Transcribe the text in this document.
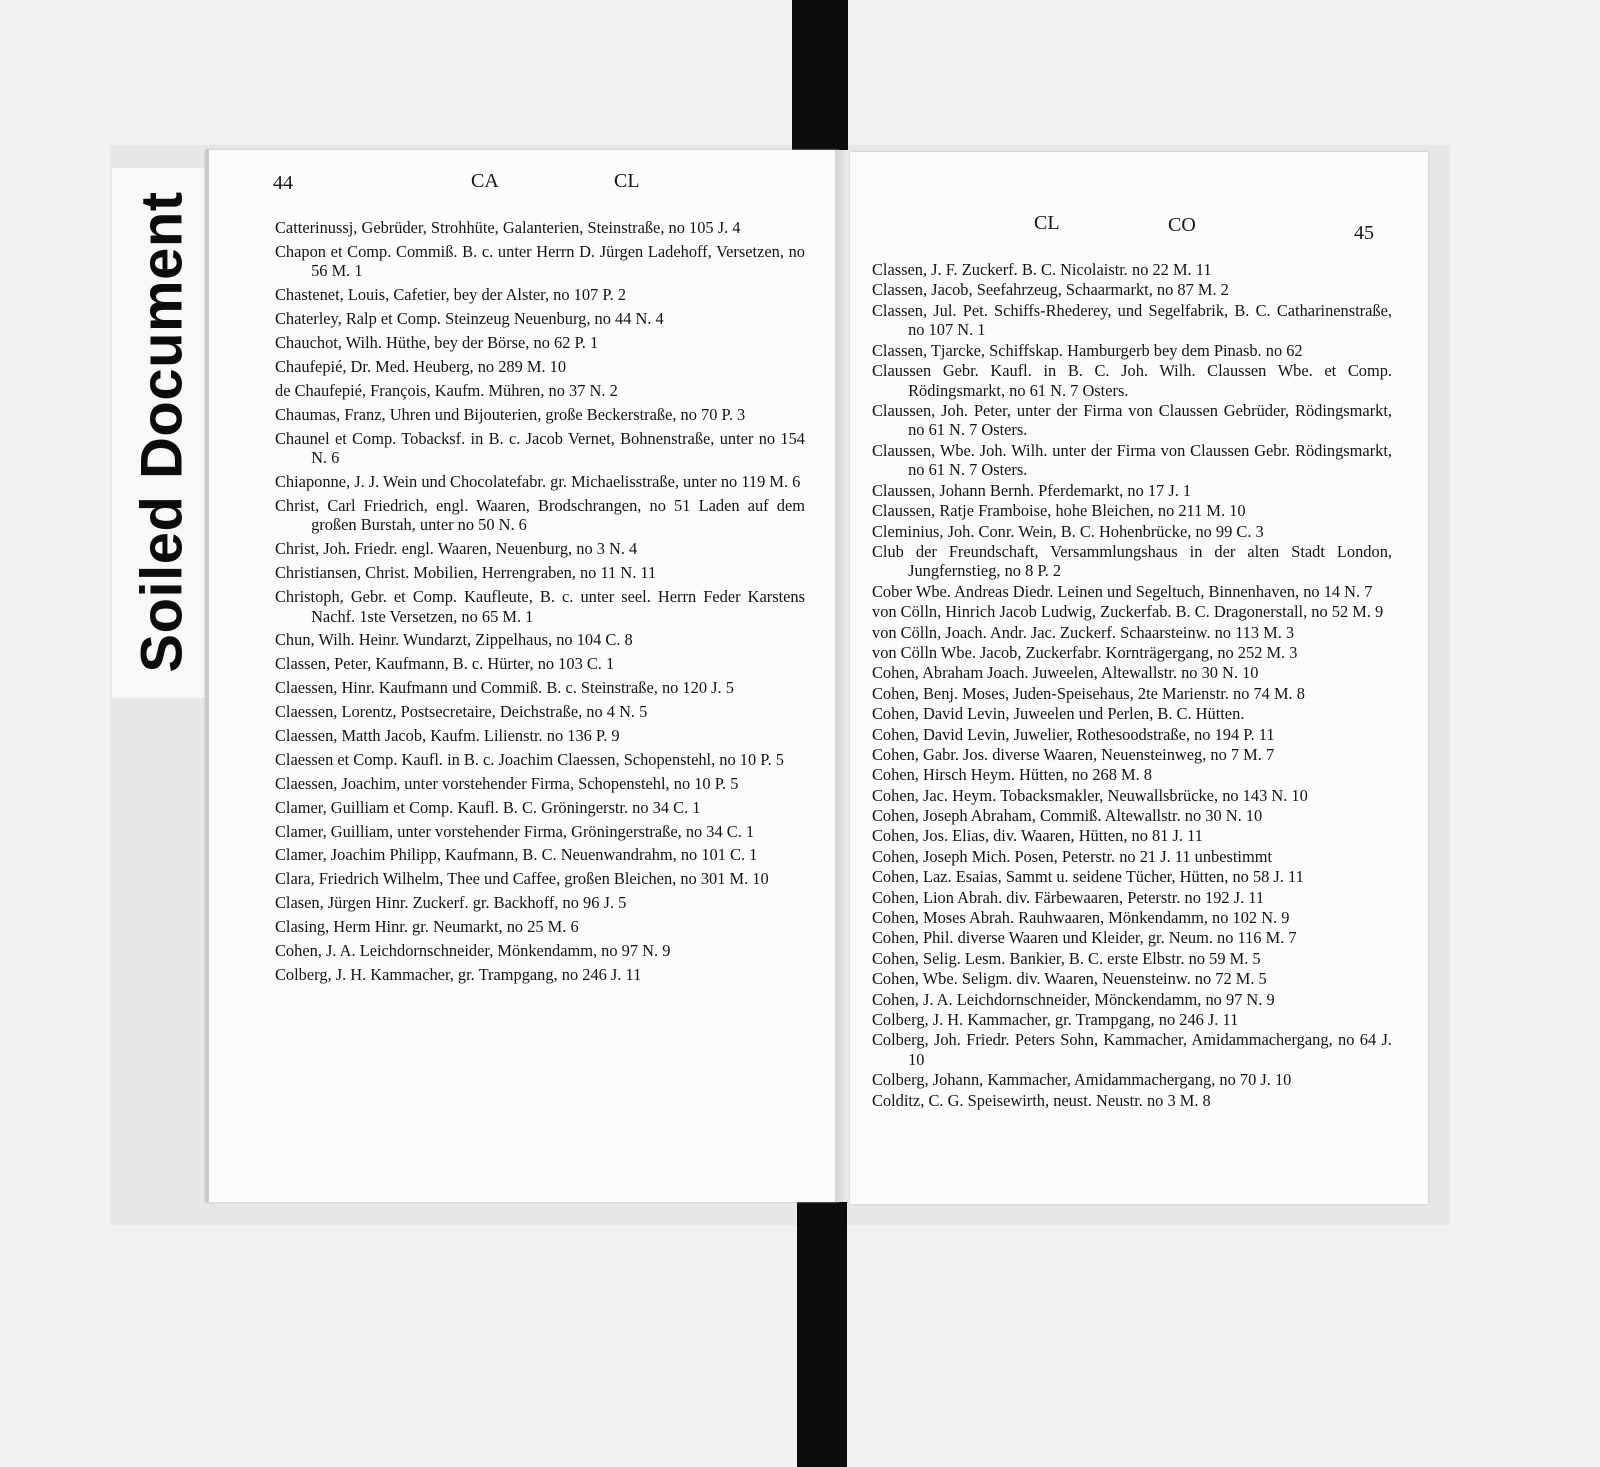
Soiled Document
44	CA	CL

Catterinussj, Gebrüder, Strohhüte, Galanterien, Steinstraße, no 105 J. 4

Chapon et Comp. Commiß. B. c. unter Herrn D. Jürgen Ladehoff, Versetzen, no 56 M. 1

Chastenet, Louis, Cafetier, bey der Alster, no 107 P. 2

Chaterley, Ralp et Comp. Steinzeug Neuenburg, no 44 N. 4

Chauchot, Wilh. Hüthe, bey der Börse, no 62 P. 1

Chaufepié, Dr. Med. Heuberg, no 289 M. 10

de Chaufepié, François, Kaufm. Mühren, no 37 N. 2

Chaumas, Franz, Uhren und Bijouterien, große Beckerstraße, no 70 P. 3

Chaunel et Comp. Tobacksf. in B. c. Jacob Vernet, Bohnenstraße, unter no 154 N. 6

Chiaponne, J. J. Wein und Chocolatefabr. gr. Michaelisstraße, unter no 119 M. 6

Christ, Carl Friedrich, engl. Waaren, Brodschrangen, no 51 Laden auf dem großen Burstah, unter no 50 N. 6

Christ, Joh. Friedr. engl. Waaren, Neuenburg, no 3 N. 4

Christiansen, Christ. Mobilien, Herrengraben, no 11 N. 11

Christoph, Gebr. et Comp. Kaufleute, B. c. unter seel. Herrn Feder Karstens Nachf. 1ste Versetzen, no 65 M. 1

Chun, Wilh. Heinr. Wundarzt, Zippelhaus, no 104 C. 8

Classen, Peter, Kaufmann, B. c. Hürter, no 103 C. 1

Claessen, Hinr. Kaufmann und Commiß. B. c. Steinstraße, no 120 J. 5

Claessen, Lorentz, Postsecretaire, Deichstraße, no 4 N. 5

Claessen, Matth Jacob, Kaufm. Lilienstr. no 136 P. 9

Claessen et Comp. Kaufl. in B. c. Joachim Claessen, Schopenstehl, no 10 P. 5

Claessen, Joachim, unter vorstehender Firma, Schopenstehl, no 10 P. 5

Clamer, Guilliam et Comp. Kaufl. B. C. Gröningerstr. no 34 C. 1

Clamer, Guilliam, unter vorstehender Firma, Gröningerstraße, no 34 C. 1

Clamer, Joachim Philipp, Kaufmann, B. C. Neuenwandrahm, no 101 C. 1

Clara, Friedrich Wilhelm, Thee und Caffee, großen Bleichen, no 301 M. 10

Clasen, Jürgen Hinr. Zuckerf. gr. Backhoff, no 96 J. 5

Clasing, Herm Hinr. gr. Neumarkt, no 25 M. 6

Cohen, J. A. Leichdornschneider, Mönkendamm, no 97 N. 9

Colberg, J. H. Kammacher, gr. Trampgang, no 246 J. 11

CL	CO	45

Classen, J. F. Zuckerf. B. C. Nicolaistr. no 22 M. 11

Classen, Jacob, Seefahrzeug, Schaarmarkt, no 87 M. 2

Classen, Jul. Pet. Schiffs-Rhederey, und Segelfabrik, B. C. Catharinenstraße, no 107 N. 1

Classen, Tjarcke, Schiffskap. Hamburgerb bey dem Pinasb. no 62

Claussen Gebr. Kaufl. in B. C. Joh. Wilh. Claussen Wbe. et Comp. Rödingsmarkt, no 61 N. 7 Osters.

Claussen, Joh. Peter, unter der Firma von Claussen Gebrüder, Rödingsmarkt, no 61 N. 7 Osters.

Claussen, Wbe. Joh. Wilh. unter der Firma von Claussen Gebr. Rödingsmarkt, no 61 N. 7 Osters.

Claussen, Johann Bernh. Pferdemarkt, no 17 J. 1

Claussen, Ratje Framboise, hohe Bleichen, no 211 M. 10

Cleminius, Joh. Conr. Wein, B. C. Hohenbrücke, no 99 C. 3

Club der Freundschaft, Versammlungshaus in der alten Stadt London, Jungfernstieg, no 8 P. 2

Cober Wbe. Andreas Diedr. Leinen und Segeltuch, Binnenhaven, no 14 N. 7

von Cölln, Hinrich Jacob Ludwig, Zuckerfab. B. C. Dragonerstall, no 52 M. 9

von Cölln, Joach. Andr. Jac. Zuckerf. Schaarsteinw. no 113 M. 3

von Cölln Wbe. Jacob, Zuckerfabr. Kornträgergang, no 252 M. 3

Cohen, Abraham Joach. Juweelen, Altewallstr. no 30 N. 10

Cohen, Benj. Moses, Juden-Speisehaus, 2te Marienstr. no 74 M. 8

Cohen, David Levin, Juweelen und Perlen, B. C. Hütten.

Cohen, David Levin, Juwelier, Rothesoodstraße, no 194 P. 11

Cohen, Gabr. Jos. diverse Waaren, Neuensteinweg, no 7 M. 7

Cohen, Hirsch Heym. Hütten, no 268 M. 8

Cohen, Jac. Heym. Tobacksmakler, Neuwallsbrücke, no 143 N. 10

Cohen, Joseph Abraham, Commiß. Altewallstr. no 30 N. 10

Cohen, Jos. Elias, div. Waaren, Hütten, no 81 J. 11

Cohen, Joseph Mich. Posen, Peterstr. no 21 J. 11 unbestimmt

Cohen, Laz. Esaias, Sammt u. seidene Tücher, Hütten, no 58 J. 11

Cohen, Lion Abrah. div. Färbewaaren, Peterstr. no 192 J. 11

Cohen, Moses Abrah. Rauhwaaren, Mönkendamm, no 102 N. 9

Cohen, Phil. diverse Waaren und Kleider, gr. Neum. no 116 M. 7

Cohen, Selig. Lesm. Bankier, B. C. erste Elbstr. no 59 M. 5

Cohen, Wbe. Seligm. div. Waaren, Neuensteinw. no 72 M. 5

Cohen, J. A. Leichdornschneider, Mönckendamm, no 97 N. 9

Colberg, J. H. Kammacher, gr. Trampgang, no 246 J. 11

Colberg, Joh. Friedr. Peters Sohn, Kammacher, Amidammachergang, no 64 J. 10

Colberg, Johann, Kammacher, Amidammachergang, no 70 J. 10

Colditz, C. G. Speisewirth, neust. Neustr. no 3 M. 8
